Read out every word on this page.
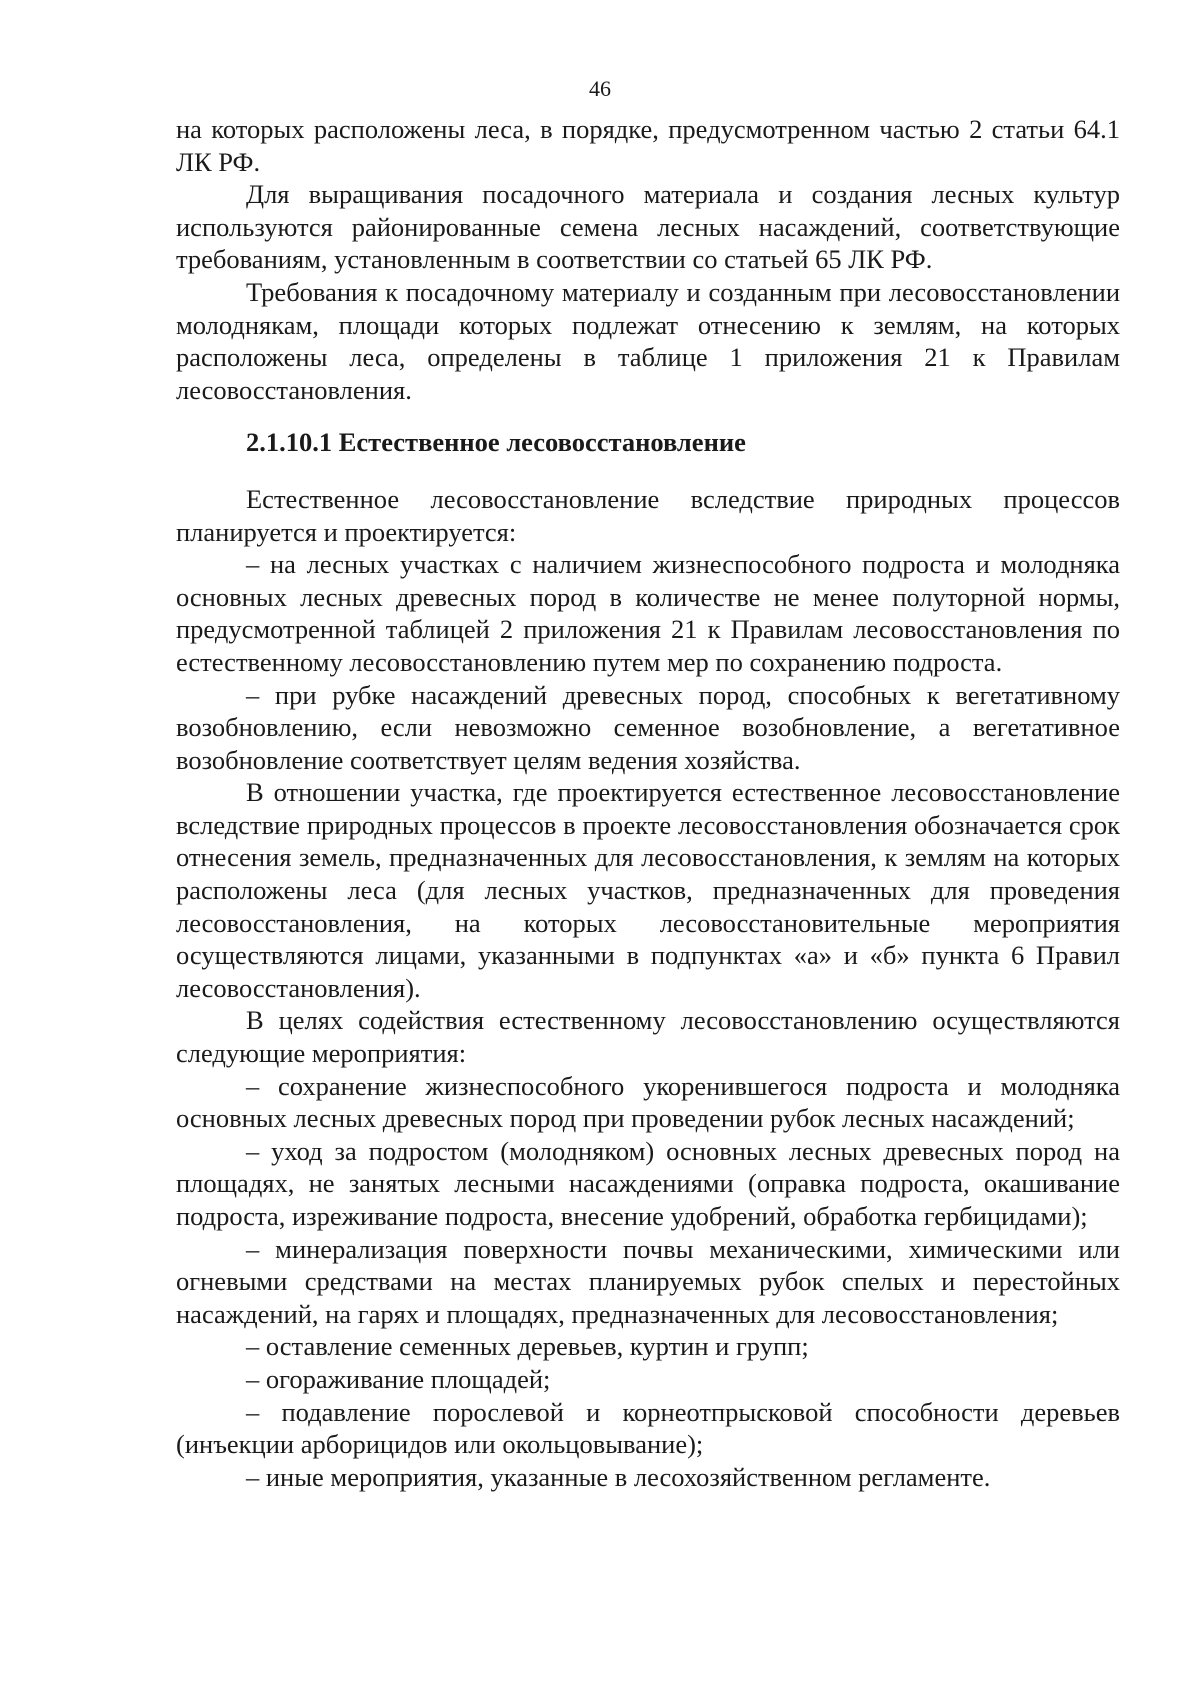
46

на которых расположены леса, в порядке, предусмотренном частью 2 статьи 64.1 ЛК РФ.

Для выращивания посадочного материала и создания лесных культур используются районированные семена лесных насаждений, соответствующие требованиям, установленным в соответствии со статьей 65 ЛК РФ.

Требования к посадочному материалу и созданным при лесовосстановлении молоднякам, площади которых подлежат отнесению к землям, на которых расположены леса, определены в таблице 1 приложения 21 к Правилам лесовосстановления.

2.1.10.1 Естественное лесовосстановление

Естественное лесовосстановление вследствие природных процессов планируется и проектируется:

– на лесных участках с наличием жизнеспособного подроста и молодняка основных лесных древесных пород в количестве не менее полуторной нормы, предусмотренной таблицей 2 приложения 21 к Правилам лесовосстановления по естественному лесовосстановлению путем мер по сохранению подроста.

– при рубке насаждений древесных пород, способных к вегетативному возобновлению, если невозможно семенное возобновление, а вегетативное возобновление соответствует целям ведения хозяйства.

В отношении участка, где проектируется естественное лесовосстановление вследствие природных процессов в проекте лесовосстановления обозначается срок отнесения земель, предназначенных для лесовосстановления, к землям на которых расположены леса (для лесных участков, предназначенных для проведения лесовосстановления, на которых лесовосстановительные мероприятия осуществляются лицами, указанными в подпунктах «а» и «б» пункта 6 Правил лесовосстановления).

В целях содействия естественному лесовосстановлению осуществляются следующие мероприятия:

– сохранение жизнеспособного укоренившегося подроста и молодняка основных лесных древесных пород при проведении рубок лесных насаждений;

– уход за подростом (молодняком) основных лесных древесных пород на площадях, не занятых лесными насаждениями (оправка подроста, окашивание подроста, изреживание подроста, внесение удобрений, обработка гербицидами);

– минерализация поверхности почвы механическими, химическими или огневыми средствами на местах планируемых рубок спелых и перестойных насаждений, на гарях и площадях, предназначенных для лесовосстановления;

– оставление семенных деревьев, куртин и групп;

– огораживание площадей;

– подавление порослевой и корнеотпрысковой способности деревьев (инъекции арборицидов или окольцовывание);

– иные мероприятия, указанные в лесохозяйственном регламенте.
